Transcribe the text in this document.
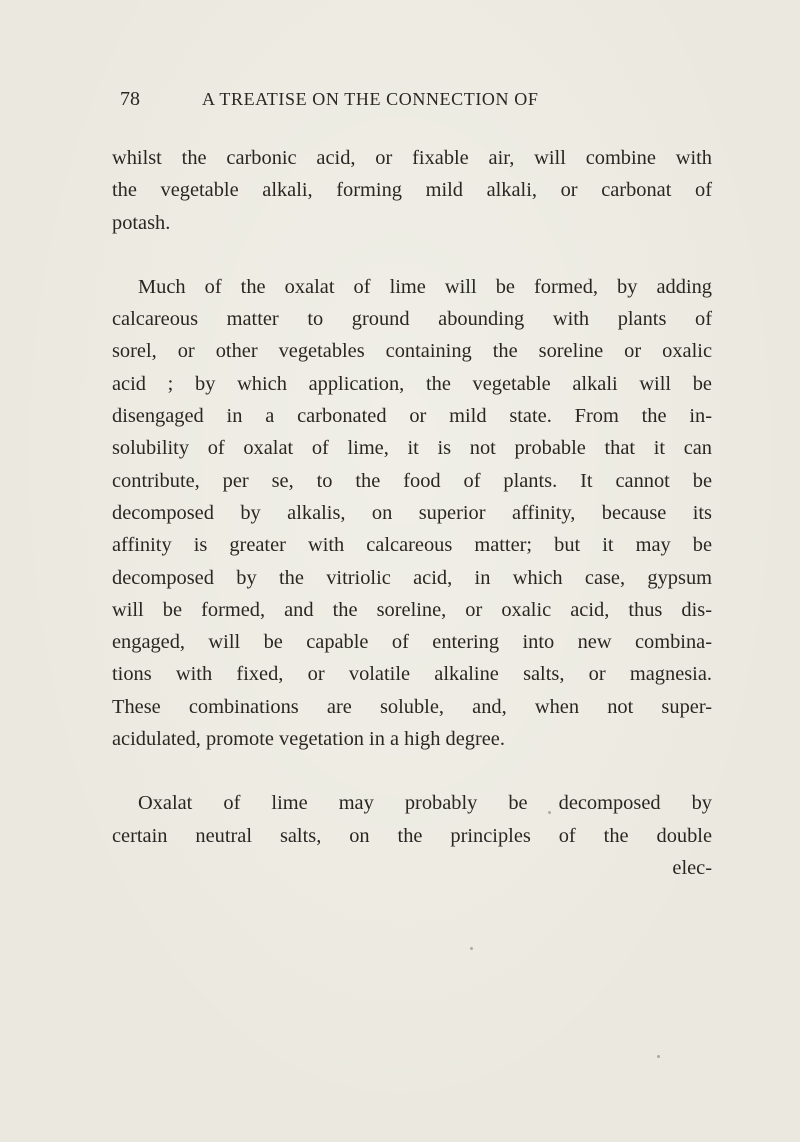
78	A TREATISE ON THE CONNECTION OF
whilst the carbonic acid, or fixable air, will combine with
the vegetable alkali, forming mild alkali, or carbonat of
potash.
Much of the oxalat of lime will be formed, by adding
calcareous matter to ground abounding with plants of
sorel, or other vegetables containing the soreline or oxalic
acid ; by which application, the vegetable alkali will be
disengaged in a carbonated or mild state. From the in-
solubility of oxalat of lime, it is not probable that it can
contribute, per se, to the food of plants. It cannot be
decomposed by alkalis, on superior affinity, because its
affinity is greater with calcareous matter; but it may be
decomposed by the vitriolic acid, in which case, gypsum
will be formed, and the soreline, or oxalic acid, thus dis-
engaged, will be capable of entering into new combina-
tions with fixed, or volatile alkaline salts, or magnesia.
These combinations are soluble, and, when not super-
acidulated, promote vegetation in a high degree.
Oxalat of lime may probably be decomposed by
certain neutral salts, on the principles of the double
elec-
